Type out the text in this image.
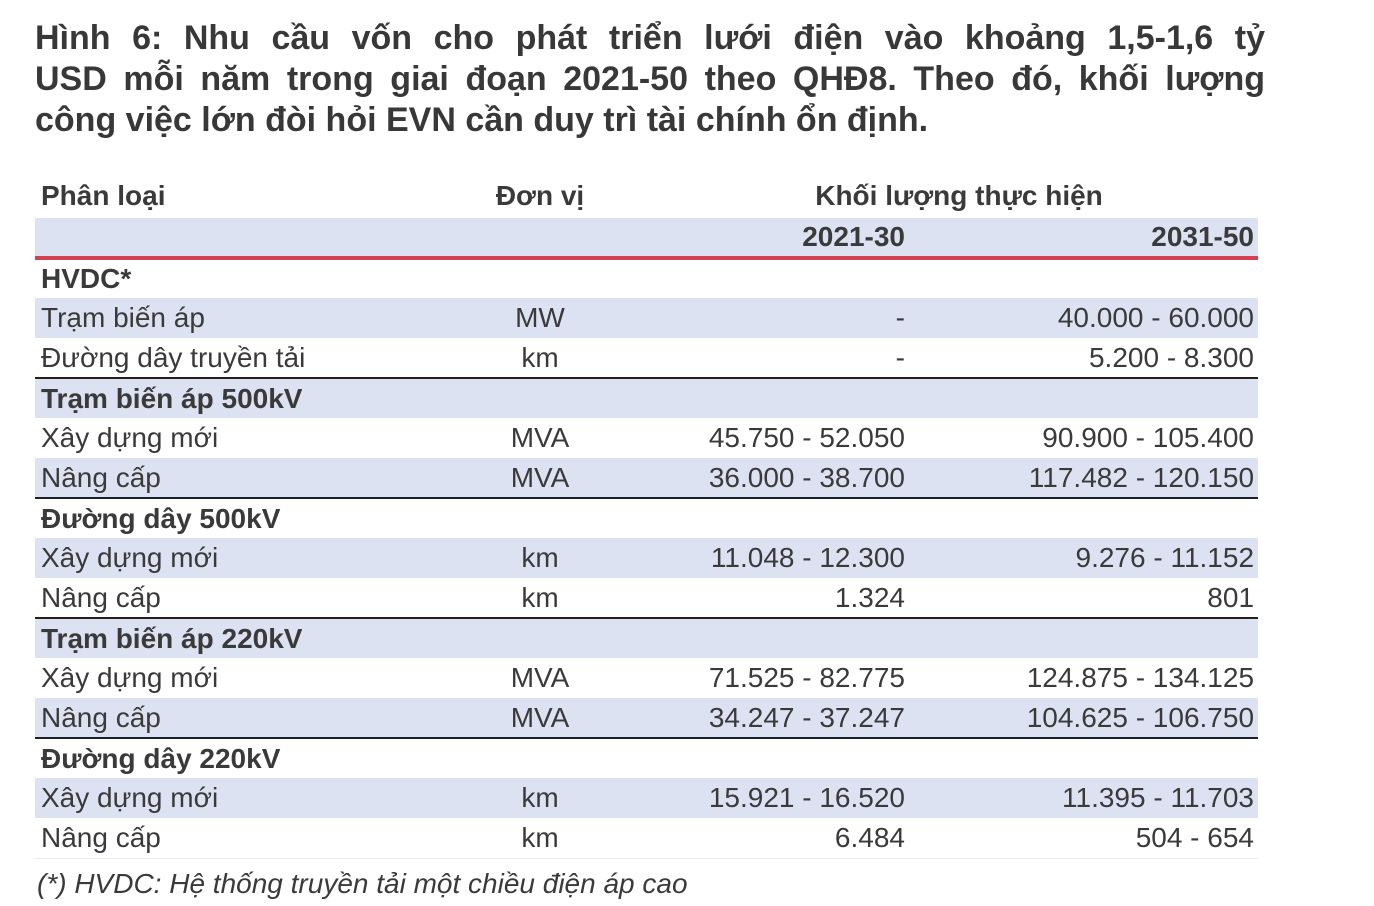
Hình 6: Nhu cầu vốn cho phát triển lưới điện vào khoảng 1,5-1,6 tỷ
USD mỗi năm trong giai đoạn 2021-50 theo QHĐ8. Theo đó, khối lượng
công việc lớn đòi hỏi EVN cần duy trì tài chính ổn định.
Phân loại	Đơn vị	Khối lượng thực hiện	
		2021-30	2031-50
HVDC*			
Trạm biến áp	MW	-	40.000 - 60.000
Đường dây truyền tải	km	-	5.200 - 8.300
Trạm biến áp 500kV			
Xây dựng mới	MVA	45.750 - 52.050	90.900 - 105.400
Nâng cấp	MVA	36.000 - 38.700	117.482 - 120.150
Đường dây 500kV			
Xây dựng mới	km	11.048 - 12.300	9.276 - 11.152
Nâng cấp	km	1.324	801
Trạm biến áp 220kV			
Xây dựng mới	MVA	71.525 - 82.775	124.875 - 134.125
Nâng cấp	MVA	34.247 - 37.247	104.625 - 106.750
Đường dây 220kV			
Xây dựng mới	km	15.921 - 16.520	11.395 - 11.703
Nâng cấp	km	6.484	504 - 654

(*) HVDC: Hệ thống truyền tải một chiều điện áp cao
